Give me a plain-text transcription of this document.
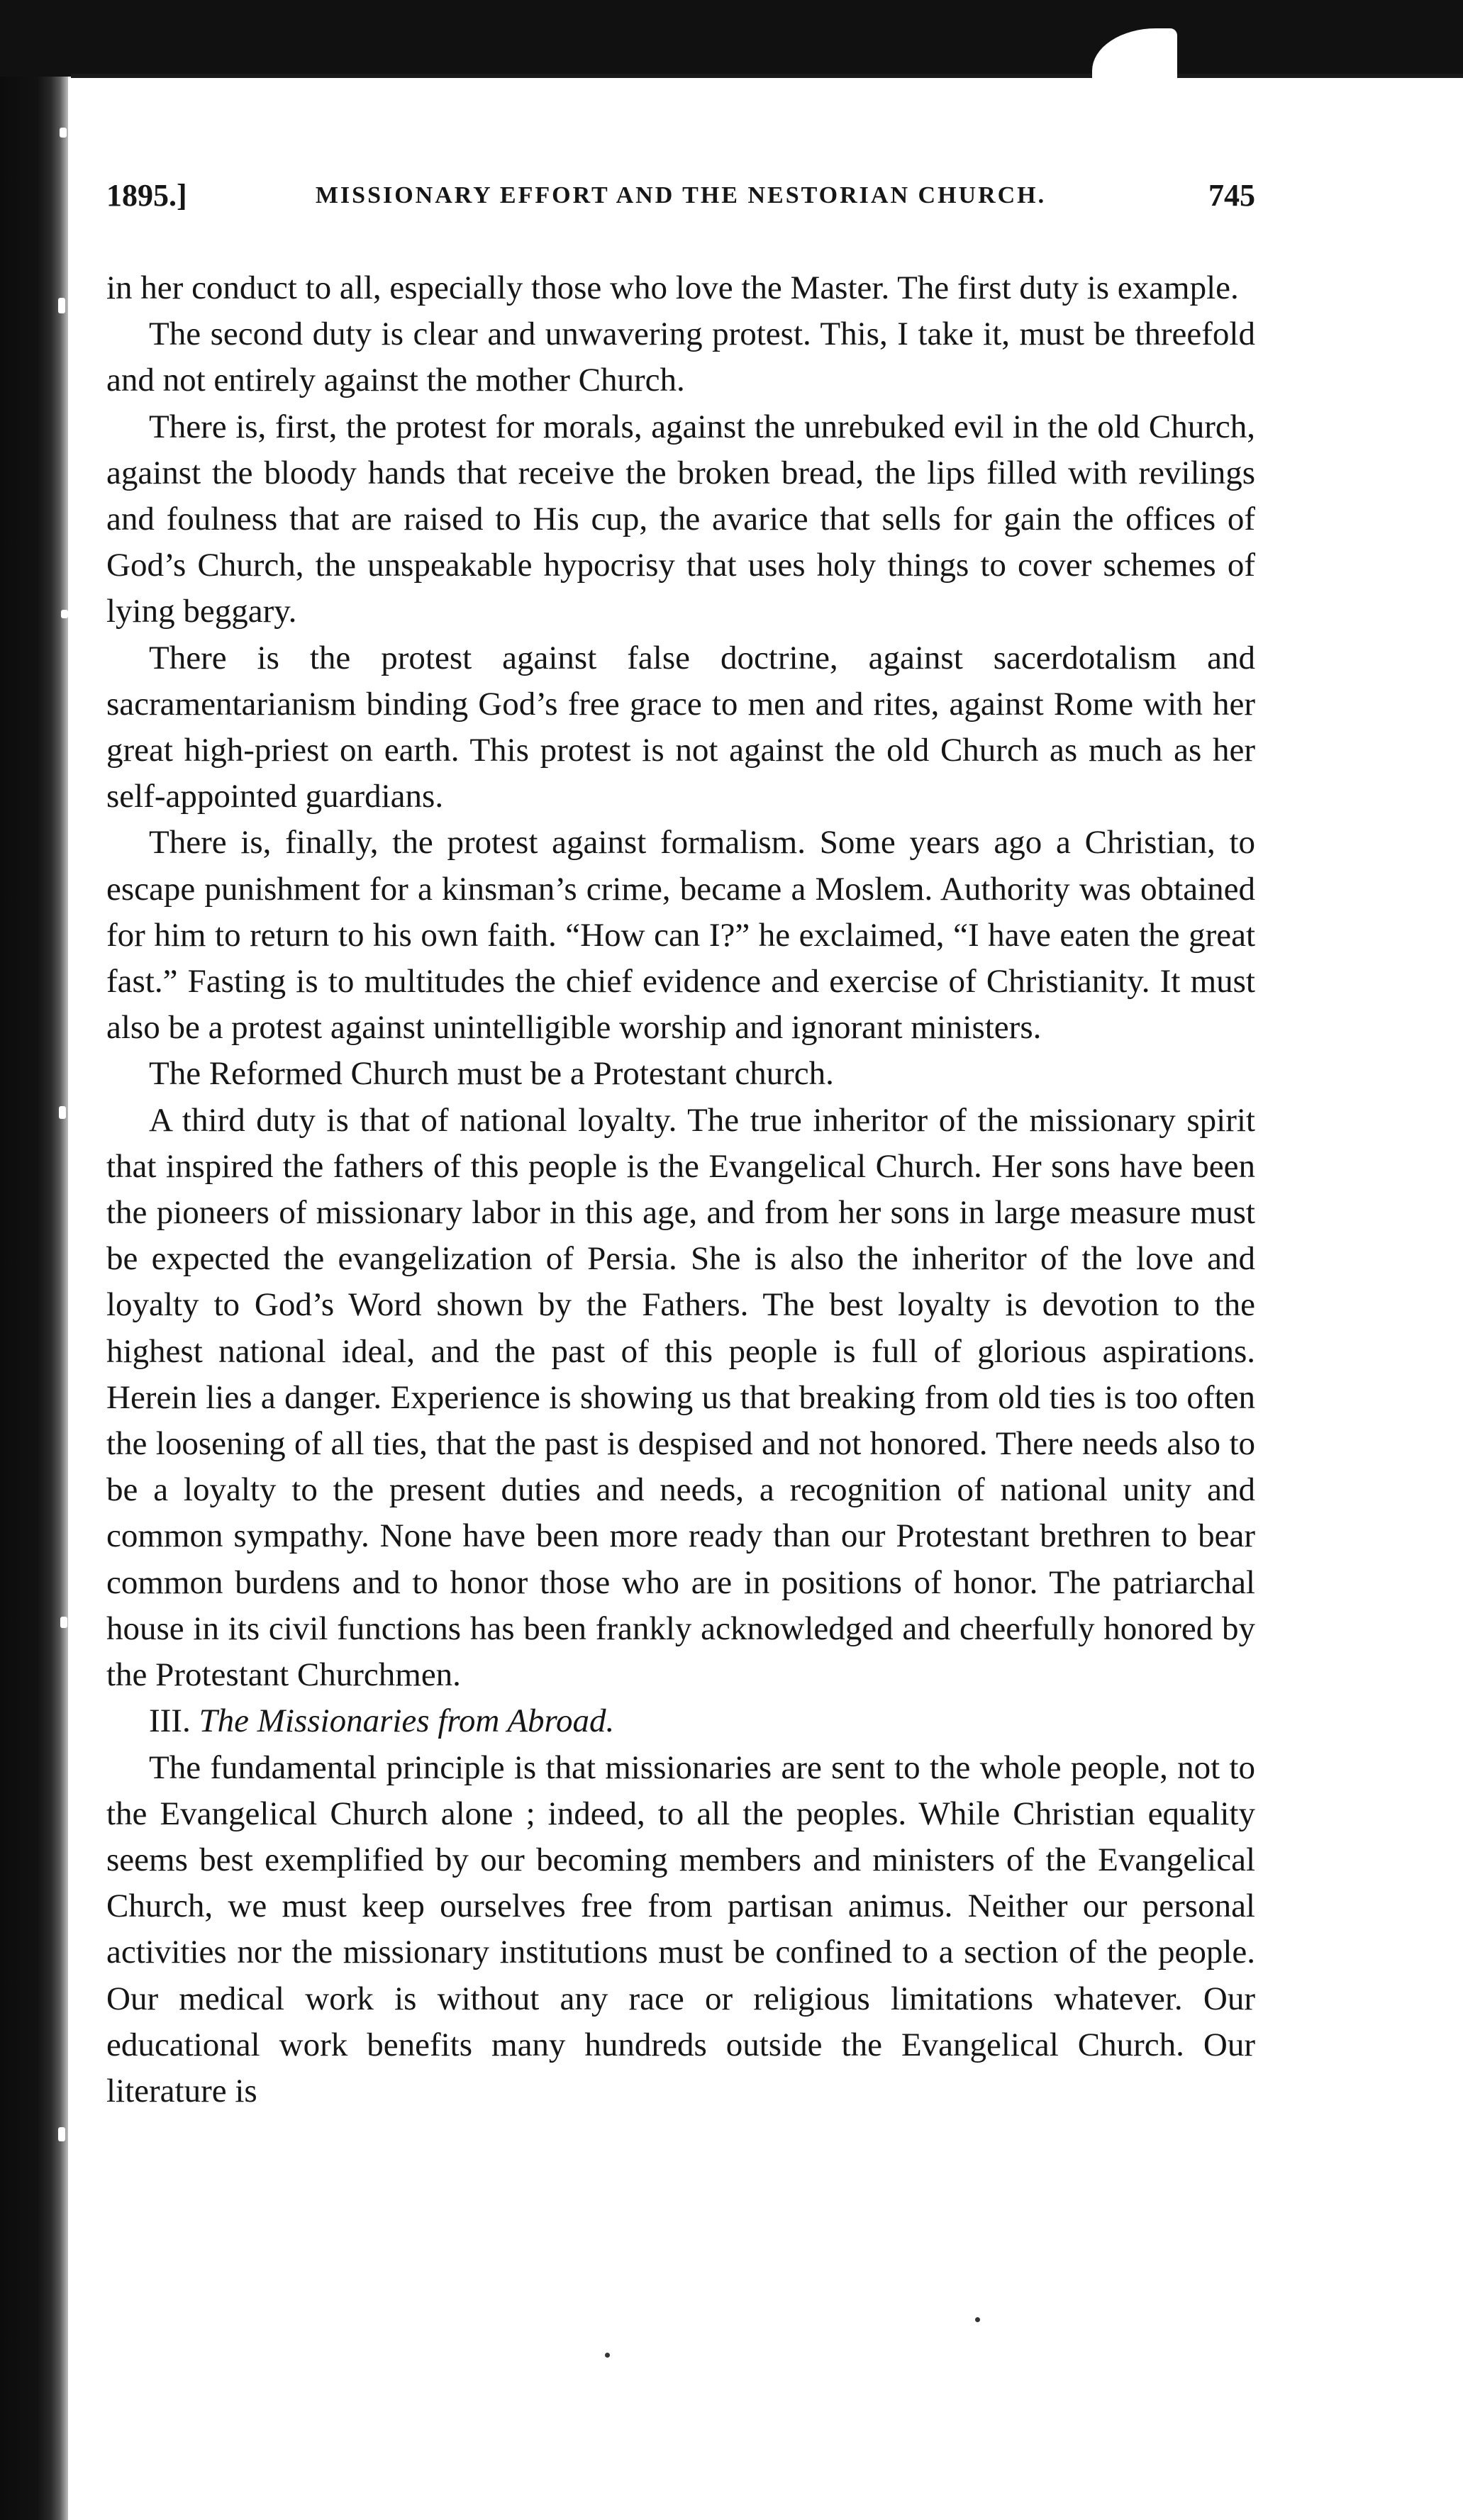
1895.]	MISSIONARY EFFORT AND THE NESTORIAN CHURCH.	745

in her conduct to all, especially those who love the Master. The first duty is example.

The second duty is clear and unwavering protest. This, I take it, must be threefold and not entirely against the mother Church.

There is, first, the protest for morals, against the unrebuked evil in the old Church, against the bloody hands that receive the broken bread, the lips filled with revilings and foulness that are raised to His cup, the avarice that sells for gain the offices of God’s Church, the unspeakable hypocrisy that uses holy things to cover schemes of lying beggary.

There is the protest against false doctrine, against sacerdotalism and sacramentarianism binding God’s free grace to men and rites, against Rome with her great high-priest on earth. This protest is not against the old Church as much as her self-appointed guardians.

There is, finally, the protest against formalism. Some years ago a Christian, to escape punishment for a kinsman’s crime, became a Moslem. Authority was obtained for him to return to his own faith. “How can I?” he exclaimed, “I have eaten the great fast.” Fasting is to multitudes the chief evidence and exercise of Christianity. It must also be a protest against unintelligible worship and ignorant ministers.

The Reformed Church must be a Protestant church.

A third duty is that of national loyalty. The true inheritor of the missionary spirit that inspired the fathers of this people is the Evangelical Church. Her sons have been the pioneers of missionary labor in this age, and from her sons in large measure must be expected the evangelization of Persia. She is also the inheritor of the love and loyalty to God’s Word shown by the Fathers. The best loyalty is devotion to the highest national ideal, and the past of this people is full of glorious aspirations. Herein lies a danger. Experience is showing us that breaking from old ties is too often the loosening of all ties, that the past is despised and not honored. There needs also to be a loyalty to the present duties and needs, a recognition of national unity and common sympathy. None have been more ready than our Protestant brethren to bear common burdens and to honor those who are in positions of honor. The patriarchal house in its civil functions has been frankly acknowledged and cheerfully honored by the Protestant Churchmen.

III. The Missionaries from Abroad.

The fundamental principle is that missionaries are sent to the whole people, not to the Evangelical Church alone ; indeed, to all the peoples. While Christian equality seems best exemplified by our becoming members and ministers of the Evangelical Church, we must keep ourselves free from partisan animus. Neither our personal activities nor the missionary institutions must be confined to a section of the people. Our medical work is without any race or religious limitations whatever. Our educational work benefits many hundreds outside the Evangelical Church. Our literature is
